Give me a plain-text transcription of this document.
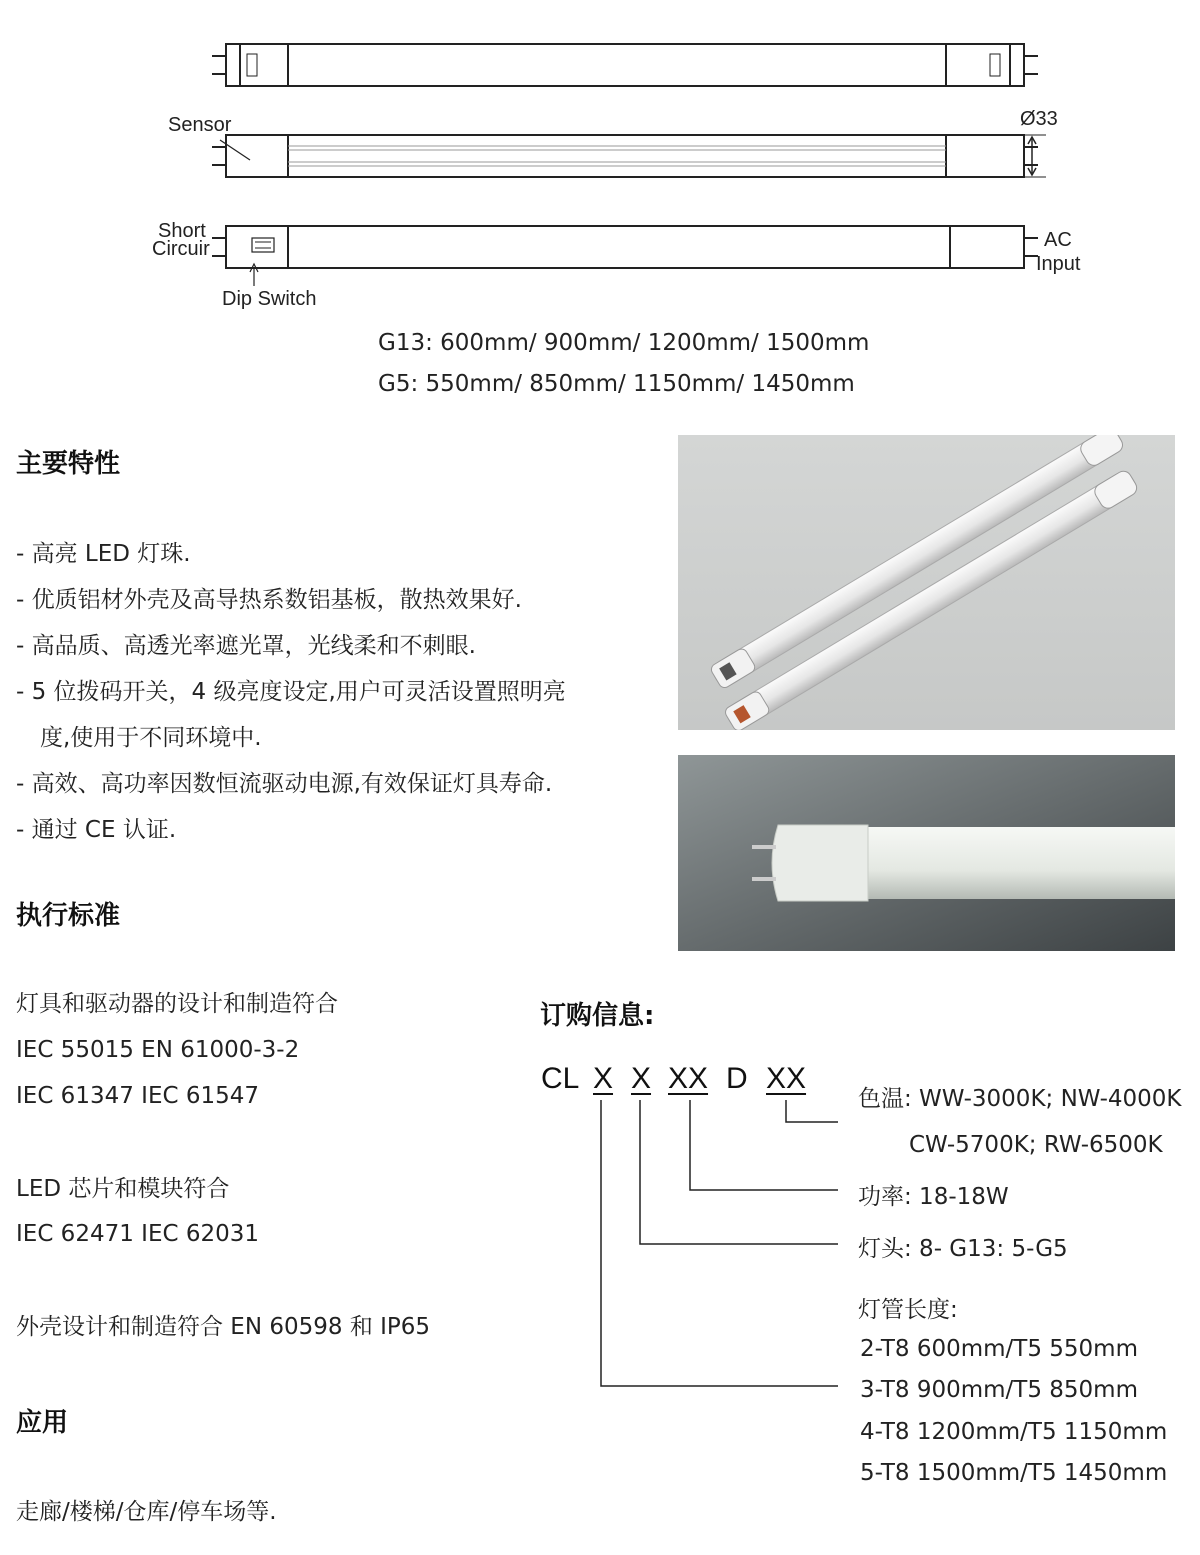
Sensor	Ø33
Short
Circuir
Dip Switch
AC
Input
G13: 600mm/ 900mm/ 1200mm/ 1500mm
G5: 550mm/ 850mm/ 1150mm/ 1450mm
主要特性
- 高亮 LED 灯珠.
- 优质铝材外壳及高导热系数铝基板，散热效果好.
- 高品质、高透光率遮光罩，光线柔和不刺眼.
- 5 位拨码开关，4 级亮度设定,用户可灵活设置照明亮
度,使用于不同环境中.
- 高效、高功率因数恒流驱动电源,有效保证灯具寿命.
- 通过 CE 认证.
执行标准
灯具和驱动器的设计和制造符合
IEC 55015 EN 61000-3-2
IEC 61347 IEC 61547
LED 芯片和模块符合
IEC 62471 IEC 62031
外壳设计和制造符合 EN 60598 和 IP65
应用
走廊/楼梯/仓库/停车场等.
订购信息:
CL X X XX D XX
色温: WW-3000K; NW-4000K
CW-5700K; RW-6500K
功率: 18-18W
灯头: 8- G13: 5-G5
灯管长度:
2-T8 600mm/T5 550mm
3-T8 900mm/T5 850mm
4-T8 1200mm/T5 1150mm
5-T8 1500mm/T5 1450mm
